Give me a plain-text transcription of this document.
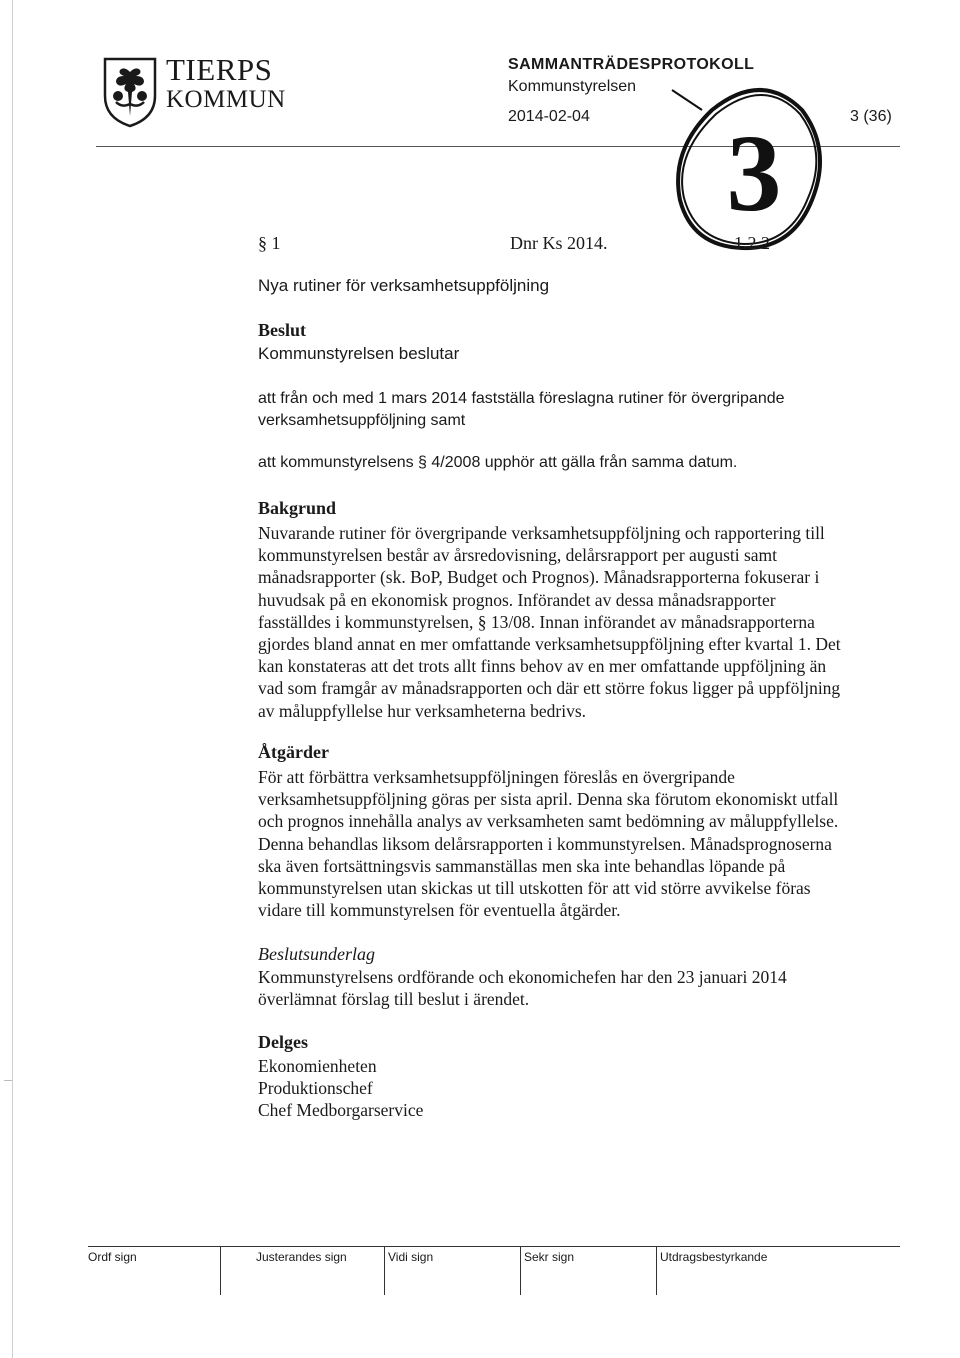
TIERPS
KOMMUN
SAMMANTRÄDESPROTOKOLL
Kommunstyrelsen
2014-02-04	3 (36)
3
§ 1	Dnr Ks 2014.	1.2.2
Nya rutiner för verksamhetsuppföljning
Beslut
Kommunstyrelsen beslutar
att från och med 1 mars 2014 fastställa föreslagna rutiner för övergripande
verksamhetsuppföljning samt
att kommunstyrelsens § 4/2008 upphör att gälla från samma datum.
Bakgrund

Nuvarande rutiner för övergripande verksamhetsuppföljning och rapportering till

kommunstyrelsen består av årsredovisning, delårsrapport per augusti samt

månadsrapporter (sk. BoP, Budget och Prognos). Månadsrapporterna fokuserar i

huvudsak på en ekonomisk prognos. Införandet av dessa månadsrapporter

fasställdes i kommunstyrelsen, § 13/08. Innan införandet av månadsrapporterna

gjordes bland annat en mer omfattande verksamhetsuppföljning efter kvartal 1. Det

kan konstateras att det trots allt finns behov av en mer omfattande uppföljning än

vad som framgår av månadsrapporten och där ett större fokus ligger på uppföljning

av måluppfyllelse hur verksamheterna bedrivs.

Åtgärder

För att förbättra verksamhetsuppföljningen föreslås en övergripande

verksamhetsuppföljning göras per sista april. Denna ska förutom ekonomiskt utfall

och prognos innehålla analys av verksamheten samt bedömning av måluppfyllelse.

Denna behandlas liksom delårsrapporten i kommunstyrelsen. Månadsprognoserna

ska även fortsättningsvis sammanställas men ska inte behandlas löpande på

kommunstyrelsen utan skickas ut till utskotten för att vid större avvikelse föras

vidare till kommunstyrelsen för eventuella åtgärder.

Beslutsunderlag

Kommunstyrelsens ordförande och ekonomichefen har den 23 januari 2014

överlämnat förslag till beslut i ärendet.

Delges

Ekonomienheten

Produktionschef

Chef Medborgarservice

Ordf sign	Justerandes sign	Vidi sign	Sekr sign	Utdragsbestyrkande
